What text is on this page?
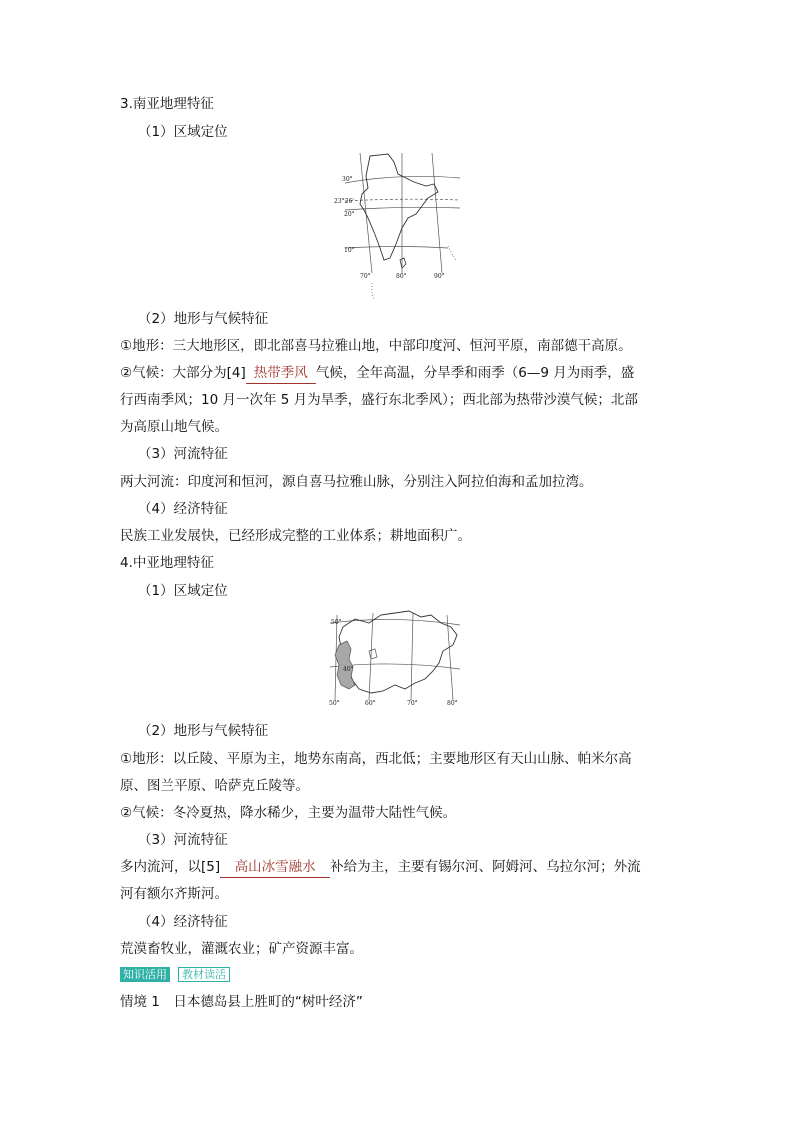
3.南亚地理特征
（1）区域定位
30°
23°26'
20°
10°
70°	80°	90°
（2）地形与气候特征
①地形：三大地形区，即北部喜马拉雅山地，中部印度河、恒河平原，南部德干高原。
②气候：大部分为[4] 热带季风 气候，全年高温，分旱季和雨季（6—9 月为雨季，盛
行西南季风；10 月一次年 5 月为旱季，盛行东北季风）；西北部为热带沙漠气候；北部
为高原山地气候。
（3）河流特征
两大河流：印度河和恒河，源自喜马拉雅山脉，分别注入阿拉伯海和孟加拉湾。
（4）经济特征
民族工业发展快，已经形成完整的工业体系；耕地面积广。
4.中亚地理特征
（1）区域定位
50°
40°
50°	60°	70°	80°
（2）地形与气候特征
①地形：以丘陵、平原为主，地势东南高，西北低；主要地形区有天山山脉、帕米尔高
原、图兰平原、哈萨克丘陵等。
②气候：冬冷夏热，降水稀少，主要为温带大陆性气候。
（3）河流特征
多内流河，以[5] 高山冰雪融水 补给为主，主要有锡尔河、阿姆河、乌拉尔河；外流
河有额尔齐斯河。
（4）经济特征
荒漠畜牧业，灌溉农业；矿产资源丰富。
知识活用	教材读活
情境 1　日本德岛县上胜町的“树叶经济”
